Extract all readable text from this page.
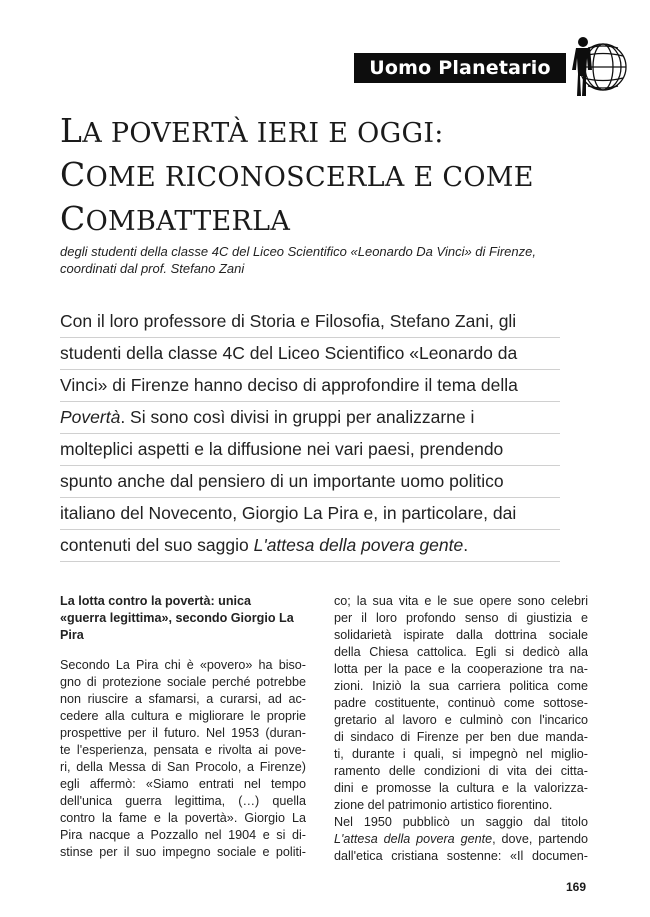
Uomo Planetario
LA POVERTÀ IERI E OGGI:
COME RICONOSCERLA E COME
COMBATTERLA
degli studenti della classe 4C del Liceo Scientifico «Leonardo Da Vinci» di Firenze,
coordinati dal prof. Stefano Zani
Con il loro professore di Storia e Filosofia, Stefano Zani, gli
studenti della classe 4C del Liceo Scientifico «Leonardo da
Vinci» di Firenze hanno deciso di approfondire il tema della
Povertà. Si sono così divisi in gruppi per analizzarne i
molteplici aspetti e la diffusione nei vari paesi, prendendo
spunto anche dal pensiero di un importante uomo politico
italiano del Novecento, Giorgio La Pira e, in particolare, dai
contenuti del suo saggio L'attesa della povera gente.
La lotta contro la povertà: unica
«guerra legittima», secondo Giorgio La
Pira
Secondo La Pira chi è «povero» ha biso-
gno di protezione sociale perché potrebbe
non riuscire a sfamarsi, a curarsi, ad ac-
cedere alla cultura e migliorare le proprie
prospettive per il futuro. Nel 1953 (duran-
te l'esperienza, pensata e rivolta ai pove-
ri, della Messa di San Procolo, a Firenze)
egli affermò: «Siamo entrati nel tempo
dell'unica guerra legittima, (…) quella
contro la fame e la povertà». Giorgio La
Pira nacque a Pozzallo nel 1904 e si di-
stinse per il suo impegno sociale e politi-
co; la sua vita e le sue opere sono celebri
per il loro profondo senso di giustizia e
solidarietà ispirate dalla dottrina sociale
della Chiesa cattolica. Egli si dedicò alla
lotta per la pace e la cooperazione tra na-
zioni. Iniziò la sua carriera politica come
padre costituente, continuò come sottose-
gretario al lavoro e culminò con l'incarico
di sindaco di Firenze per ben due manda-
ti, durante i quali, si impegnò nel miglio-
ramento delle condizioni di vita dei citta-
dini e promosse la cultura e la valorizza-
zione del patrimonio artistico fiorentino.
Nel 1950 pubblicò un saggio dal titolo
L'attesa della povera gente, dove, partendo
dall'etica cristiana sostenne: «Il documen-
169
